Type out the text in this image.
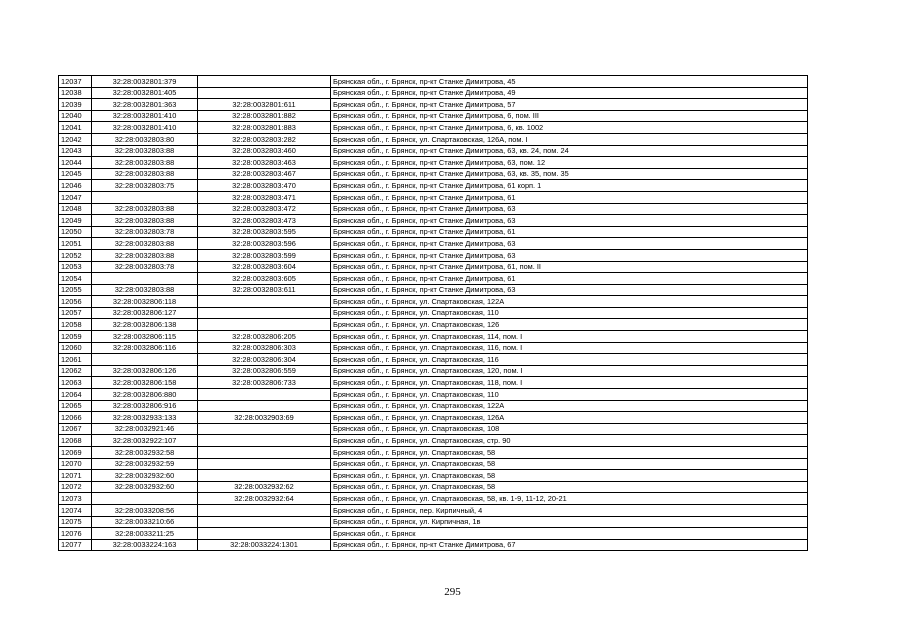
12037	32:28:0032801:379		Брянская обл., г. Брянск, пр-кт Станке Димитрова, 45
12038	32:28:0032801:405		Брянская обл., г. Брянск, пр-кт Станке Димитрова, 49
12039	32:28:0032801:363	32:28:0032801:611	Брянская обл., г. Брянск, пр-кт Станке Димитрова, 57
12040	32:28:0032801:410	32:28:0032801:882	Брянская обл., г. Брянск, пр-кт Станке Димитрова, 6, пом. III
12041	32:28:0032801:410	32:28:0032801:883	Брянская обл., г. Брянск, пр-кт Станке Димитрова, 6, кв. 1002
12042	32:28:0032803:80	32:28:0032803:282	Брянская обл., г. Брянск, ул. Спартаковская, 126А, пом. I
12043	32:28:0032803:88	32:28:0032803:460	Брянская обл., г. Брянск, пр-кт Станке Димитрова, 63, кв. 24, пом. 24
12044	32:28:0032803:88	32:28:0032803:463	Брянская обл., г. Брянск, пр-кт Станке Димитрова, 63, пом. 12
12045	32:28:0032803:88	32:28:0032803:467	Брянская обл., г. Брянск, пр-кт Станке Димитрова, 63, кв. 35, пом. 35
12046	32:28:0032803:75	32:28:0032803:470	Брянская обл., г. Брянск, пр-кт Станке Димитрова, 61 корп. 1
12047		32:28:0032803:471	Брянская обл., г. Брянск, пр-кт Станке Димитрова, 61
12048	32:28:0032803:88	32:28:0032803:472	Брянская обл., г. Брянск, пр-кт Станке Димитрова, 63
12049	32:28:0032803:88	32:28:0032803:473	Брянская обл., г. Брянск, пр-кт Станке Димитрова, 63
12050	32:28:0032803:78	32:28:0032803:595	Брянская обл., г. Брянск, пр-кт Станке Димитрова, 61
12051	32:28:0032803:88	32:28:0032803:596	Брянская обл., г. Брянск, пр-кт Станке Димитрова, 63
12052	32:28:0032803:88	32:28:0032803:599	Брянская обл., г. Брянск, пр-кт Станке Димитрова, 63
12053	32:28:0032803:78	32:28:0032803:604	Брянская обл., г. Брянск, пр-кт Станке Димитрова, 61, пом. II
12054		32:28:0032803:605	Брянская обл., г. Брянск, пр-кт Станке Димитрова, 61
12055	32:28:0032803:88	32:28:0032803:611	Брянская обл., г. Брянск, пр-кт Станке Димитрова, 63
12056	32:28:0032806:118		Брянская обл., г. Брянск, ул. Спартаковская, 122А
12057	32:28:0032806:127		Брянская обл., г. Брянск, ул. Спартаковская, 110
12058	32:28:0032806:138		Брянская обл., г. Брянск, ул. Спартаковская, 126
12059	32:28:0032806:115	32:28:0032806:205	Брянская обл., г. Брянск, ул. Спартаковская, 114, пом. I
12060	32:28:0032806:116	32:28:0032806:303	Брянская обл., г. Брянск, ул. Спартаковская, 116, пом. I
12061		32:28:0032806:304	Брянская обл., г. Брянск, ул. Спартаковская, 116
12062	32:28:0032806:126	32:28:0032806:559	Брянская обл., г. Брянск, ул. Спартаковская, 120, пом. I
12063	32:28:0032806:158	32:28:0032806:733	Брянская обл., г. Брянск, ул. Спартаковская, 118, пом. I
12064	32:28:0032806:880		Брянская обл., г. Брянск, ул. Спартаковская, 110
12065	32:28:0032806:916		Брянская обл., г. Брянск, ул. Спартаковская, 122А
12066	32:28:0032933:133	32:28:0032903:69	Брянская обл., г. Брянск, ул. Спартаковская, 126А
12067	32:28:0032921:46		Брянская обл., г. Брянск, ул. Спартаковская, 108
12068	32:28:0032922:107		Брянская обл., г. Брянск, ул. Спартаковская, стр. 90
12069	32:28:0032932:58		Брянская обл., г. Брянск, ул. Спартаковская, 58
12070	32:28:0032932:59		Брянская обл., г. Брянск, ул. Спартаковская, 58
12071	32:28:0032932:60		Брянская обл., г. Брянск, ул. Спартаковская, 58
12072	32:28:0032932:60	32:28:0032932:62	Брянская обл., г. Брянск, ул. Спартаковская, 58
12073		32:28:0032932:64	Брянская обл., г. Брянск, ул. Спартаковская, 58, кв. 1-9, 11-12, 20-21
12074	32:28:0033208:56		Брянская обл., г. Брянск, пер. Кирпичный, 4
12075	32:28:0033210:66		Брянская обл., г. Брянск, ул. Кирпичная, 1в
12076	32:28:0033211:25		Брянская обл., г. Брянск
12077	32:28:0033224:163	32:28:0033224:1301	Брянская обл., г. Брянск, пр-кт Станке Димитрова, 67
295
